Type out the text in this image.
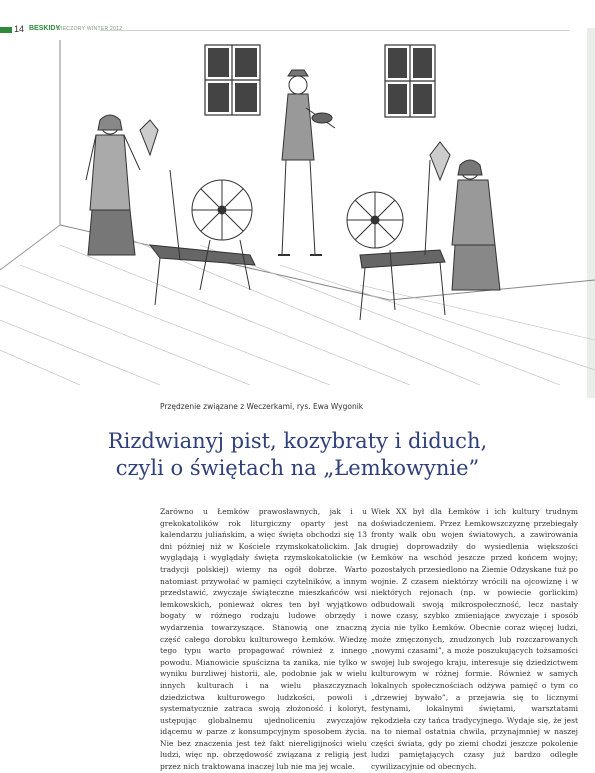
14 BESKIDY
WIECZORY WINTER 2012
Przędzenie związane z Weczerkami, rys. Ewa Wygonik
Rizdwianyj pist, kozybraty i diduch,
czyli o świętach na „Łemkowynie”
Zarówno u Łemków prawosławnych, jak i u grekokatolików rok liturgiczny oparty jest na kalendarzu juliańskim, a więc święta obchodzi się 13 dni później niż w Kościele rzymskokatolickim. Jak wyglądają i wyglądały święta rzymskokatolickie (w tradycji polskiej) wiemy na ogół dobrze. Warto natomiast przywołać w pamięci czytelników, a innym przedstawić, zwyczaje świąteczne mieszkańców wsi łemkowskich, ponieważ okres ten był wyjątkowo bogaty w różnego rodzaju ludowe obrzędy i wydarzenia towarzyszące. Stanowią one znaczną część całego dorobku kulturowego Łemków. Wiedzę tego typu warto propagować również z innego powodu. Mianowicie spuścizna ta zanika, nie tylko w wyniku burzliwej historii, ale, podobnie jak w wielu innych kulturach i na wielu płaszczyznach dziedzictwa kulturowego ludzkości, powoli i systematycznie zatraca swoją złożoność i koloryt, ustępując globalnemu ujednoliceniu zwyczajów idącemu w parze z konsumpcyjnym sposobem życia. Nie bez znaczenia jest też fakt niereligijności wielu ludzi, więc np. obrzędowość związana z religią jest przez nich traktowana inaczej lub nie ma jej wcale.
Wiek XX był dla Łemków i ich kultury trudnym doświadczeniem. Przez Łemkowszczyznę przebiegały fronty walk obu wojen światowych, a zawirowania drugiej doprowadziły do wysiedlenia większości Łemków na wschód jeszcze przed końcem wojny; pozostałych przesiedlono na Ziemie Odzyskane tuż po wojnie. Z czasem niektórzy wrócili na ojcowiznę i w niektórych rejonach (np. w powiecie gorlickim) odbudowali swoją mikrospołeczność, lecz nastały nowe czasy, szybko zmieniające zwyczaje i sposób życia nie tylko Łemków. Obecnie coraz więcej ludzi, może zmęczonych, znudzonych lub rozczarowanych „nowymi czasami”, a może poszukujących tożsamości swojej lub swojego kraju, interesuje się dziedzictwem kulturowym w różnej formie. Również w samych lokalnych społecznościach odżywa pamięć o tym co „drzewiej bywało”, a przejawia się to licznymi festynami, lokalnymi świętami, warsztatami rękodzieła czy tańca tradycyjnego. Wydaje się, że jest na to niemal ostatnia chwila, przynajmniej w naszej części świata, gdy po ziemi chodzi jeszcze pokolenie ludzi pamiętających czasy już bardzo odległe cywilizacyjnie od obecnych.
